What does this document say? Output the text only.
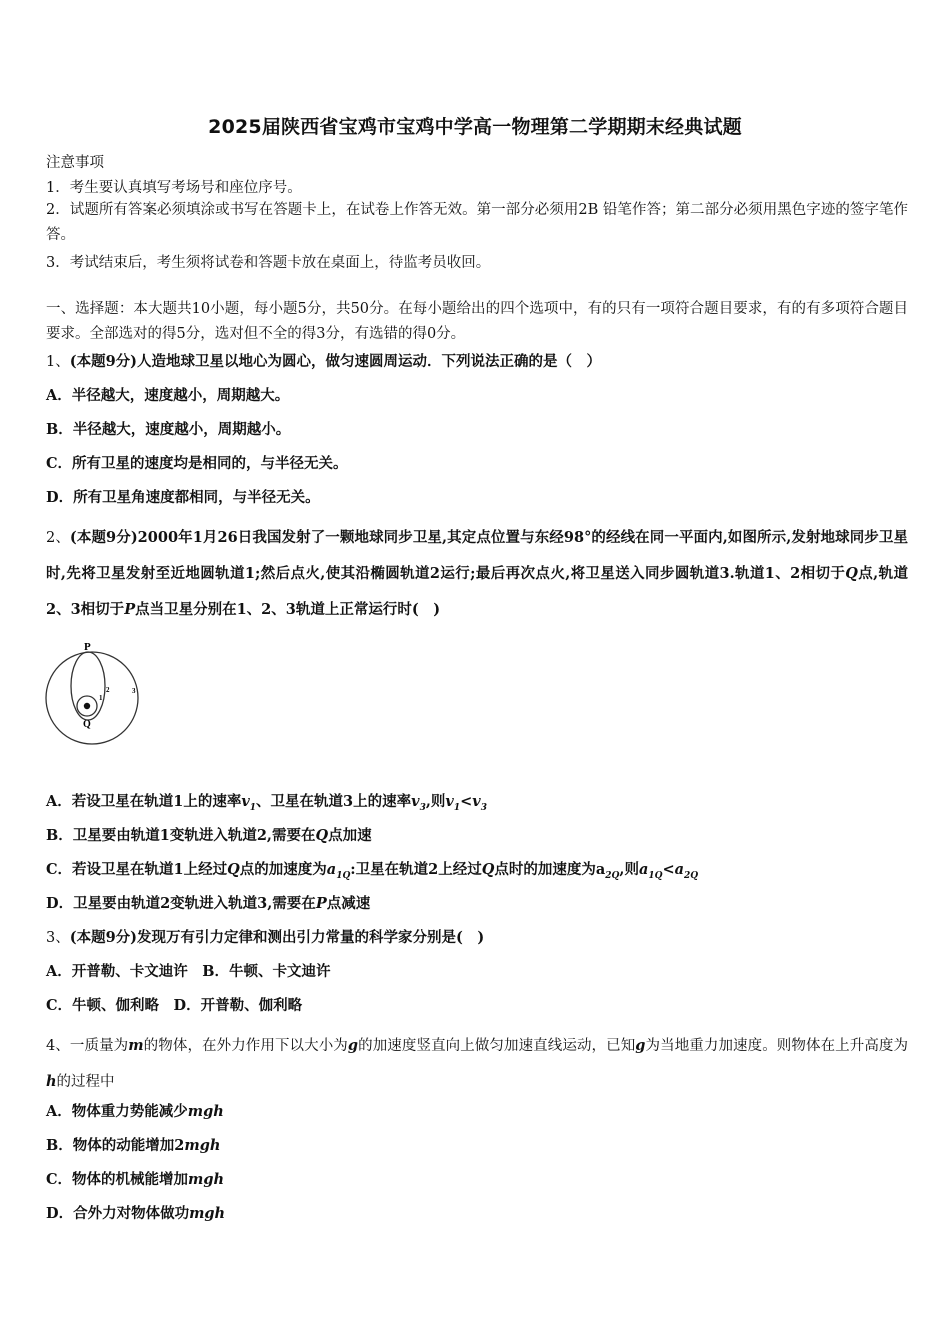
2025届陕西省宝鸡市宝鸡中学高一物理第二学期期末经典试题
注意事项
1．考生要认真填写考场号和座位序号。
2．试题所有答案必须填涂或书写在答题卡上，在试卷上作答无效。第一部分必须用2B 铅笔作答；第二部分必须用黑色字迹的签字笔作答。
3．考试结束后，考生须将试卷和答题卡放在桌面上，待监考员收回。
一、选择题：本大题共10小题，每小题5分，共50分。在每小题给出的四个选项中，有的只有一项符合题目要求，有的有多项符合题目要求。全部选对的得5分，选对但不全的得3分，有选错的得0分。
1、(本题9分)人造地球卫星以地心为圆心，做匀速圆周运动．下列说法正确的是（　）
A．半径越大，速度越小，周期越大。
B．半径越大，速度越小，周期越小。
C．所有卫星的速度均是相同的，与半径无关。
D．所有卫星角速度都相同，与半径无关。
2、(本题9分)2000年1月26日我国发射了一颗地球同步卫星,其定点位置与东经98°的经线在同一平面内,如图所示,发射地球同步卫星时,先将卫星发射至近地圆轨道1;然后点火,使其沿椭圆轨道2运行;最后再次点火,将卫星送入同步圆轨道3.轨道1、2相切于Q点,轨道2、3相切于P点当卫星分别在1、2、3轨道上正常运行时(　)
P
Q
1
2	3
A．若设卫星在轨道1上的速率$v_1$、卫星在轨道3上的速率$v_3$,则$v_1<v_3$
B．卫星要由轨道1变轨进入轨道2,需要在Q点加速
C．若设卫星在轨道1上经过Q点的加速度为$a_{1Q}$:卫星在轨道2上经过Q点时的加速度为$a_{2Q}$,则$a_{1Q}<a_{2Q}$
D．卫星要由轨道2变轨进入轨道3,需要在P点减速
3、(本题9分)发现万有引力定律和测出引力常量的科学家分别是(　)
A．开普勒、卡文迪许　B．牛顿、卡文迪许
C．牛顿、伽利略　D．开普勒、伽利略
4、一质量为m的物体，在外力作用下以大小为g的加速度竖直向上做匀加速直线运动，已知g为当地重力加速度。则物体在上升高度为h的过程中
A．物体重力势能减少mgh
B．物体的动能增加2mgh
C．物体的机械能增加mgh
D．合外力对物体做功mgh
